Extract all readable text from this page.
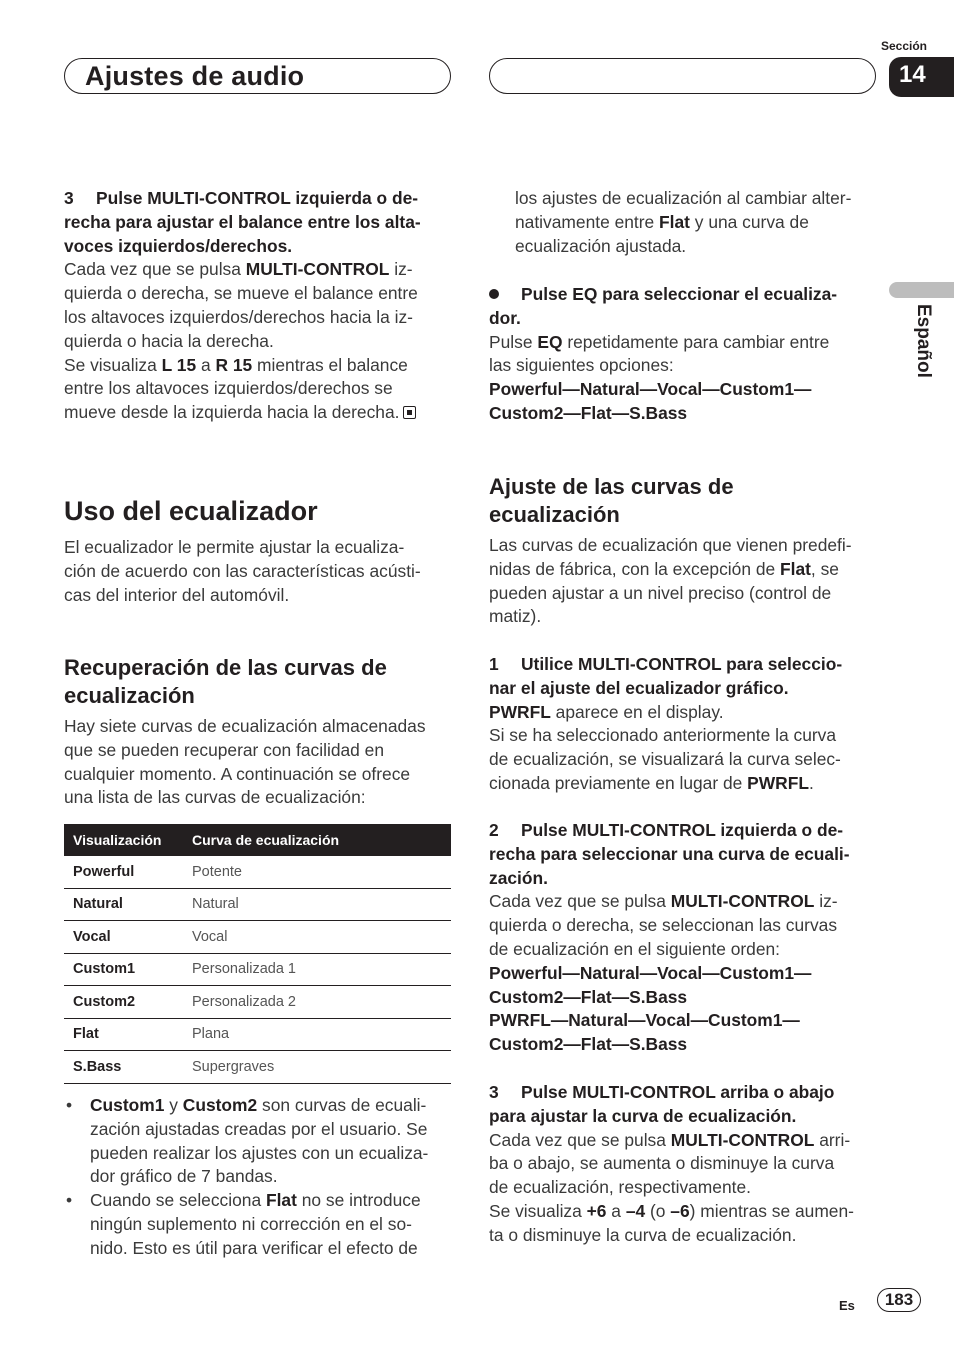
Ajustes de audio
Sección
14
Español

3 Pulse MULTI-CONTROL izquierda o de-

recha para ajustar el balance entre los alta-

voces izquierdos/derechos.

Cada vez que se pulsa MULTI-CONTROL iz-

quierda o derecha, se mueve el balance entre

los altavoces izquierdos/derechos hacia la iz-

quierda o hacia la derecha.

Se visualiza L 15 a R 15 mientras el balance

entre los altavoces izquierdos/derechos se

mueve desde la izquierda hacia la derecha.

Uso del ecualizador

El ecualizador le permite ajustar la ecualiza-

ción de acuerdo con las características acústi-

cas del interior del automóvil.

Recuperación de las curvas de
ecualización

Hay siete curvas de ecualización almacenadas

que se pueden recuperar con facilidad en

cualquier momento. A continuación se ofrece

una lista de las curvas de ecualización:

Visualización	Curva de ecualización
Powerful	Potente
Natural	Natural
Vocal	Vocal
Custom1	Personalizada 1
Custom2	Personalizada 2
Flat	Plana
S.Bass	Supergraves
• Custom1 y Custom2 son curvas de ecuali-
zación ajustadas creadas por el usuario. Se
pueden realizar los ajustes con un ecualiza-
dor gráfico de 7 bandas.
• Cuando se selecciona Flat no se introduce
ningún suplemento ni corrección en el so-
nido. Esto es útil para verificar el efecto de

los ajustes de ecualización al cambiar alter-

nativamente entre Flat y una curva de

ecualización ajustada.

Pulse EQ para seleccionar el ecualiza-

dor.

Pulse EQ repetidamente para cambiar entre

las siguientes opciones:

Powerful—Natural—Vocal—Custom1—

Custom2—Flat—S.Bass

Ajuste de las curvas de
ecualización

Las curvas de ecualización que vienen predefi-

nidas de fábrica, con la excepción de Flat, se

pueden ajustar a un nivel preciso (control de

matiz).

1 Utilice MULTI-CONTROL para seleccio-

nar el ajuste del ecualizador gráfico.

PWRFL aparece en el display.

Si se ha seleccionado anteriormente la curva

de ecualización, se visualizará la curva selec-

cionada previamente en lugar de PWRFL.

2 Pulse MULTI-CONTROL izquierda o de-

recha para seleccionar una curva de ecuali-

zación.

Cada vez que se pulsa MULTI-CONTROL iz-

quierda o derecha, se seleccionan las curvas

de ecualización en el siguiente orden:

Powerful—Natural—Vocal—Custom1—

Custom2—Flat—S.Bass

PWRFL—Natural—Vocal—Custom1—

Custom2—Flat—S.Bass

3 Pulse MULTI-CONTROL arriba o abajo

para ajustar la curva de ecualización.

Cada vez que se pulsa MULTI-CONTROL arri-

ba o abajo, se aumenta o disminuye la curva

de ecualización, respectivamente.

Se visualiza +6 a –4 (o –6) mientras se aumen-

ta o disminuye la curva de ecualización.

Es	183
